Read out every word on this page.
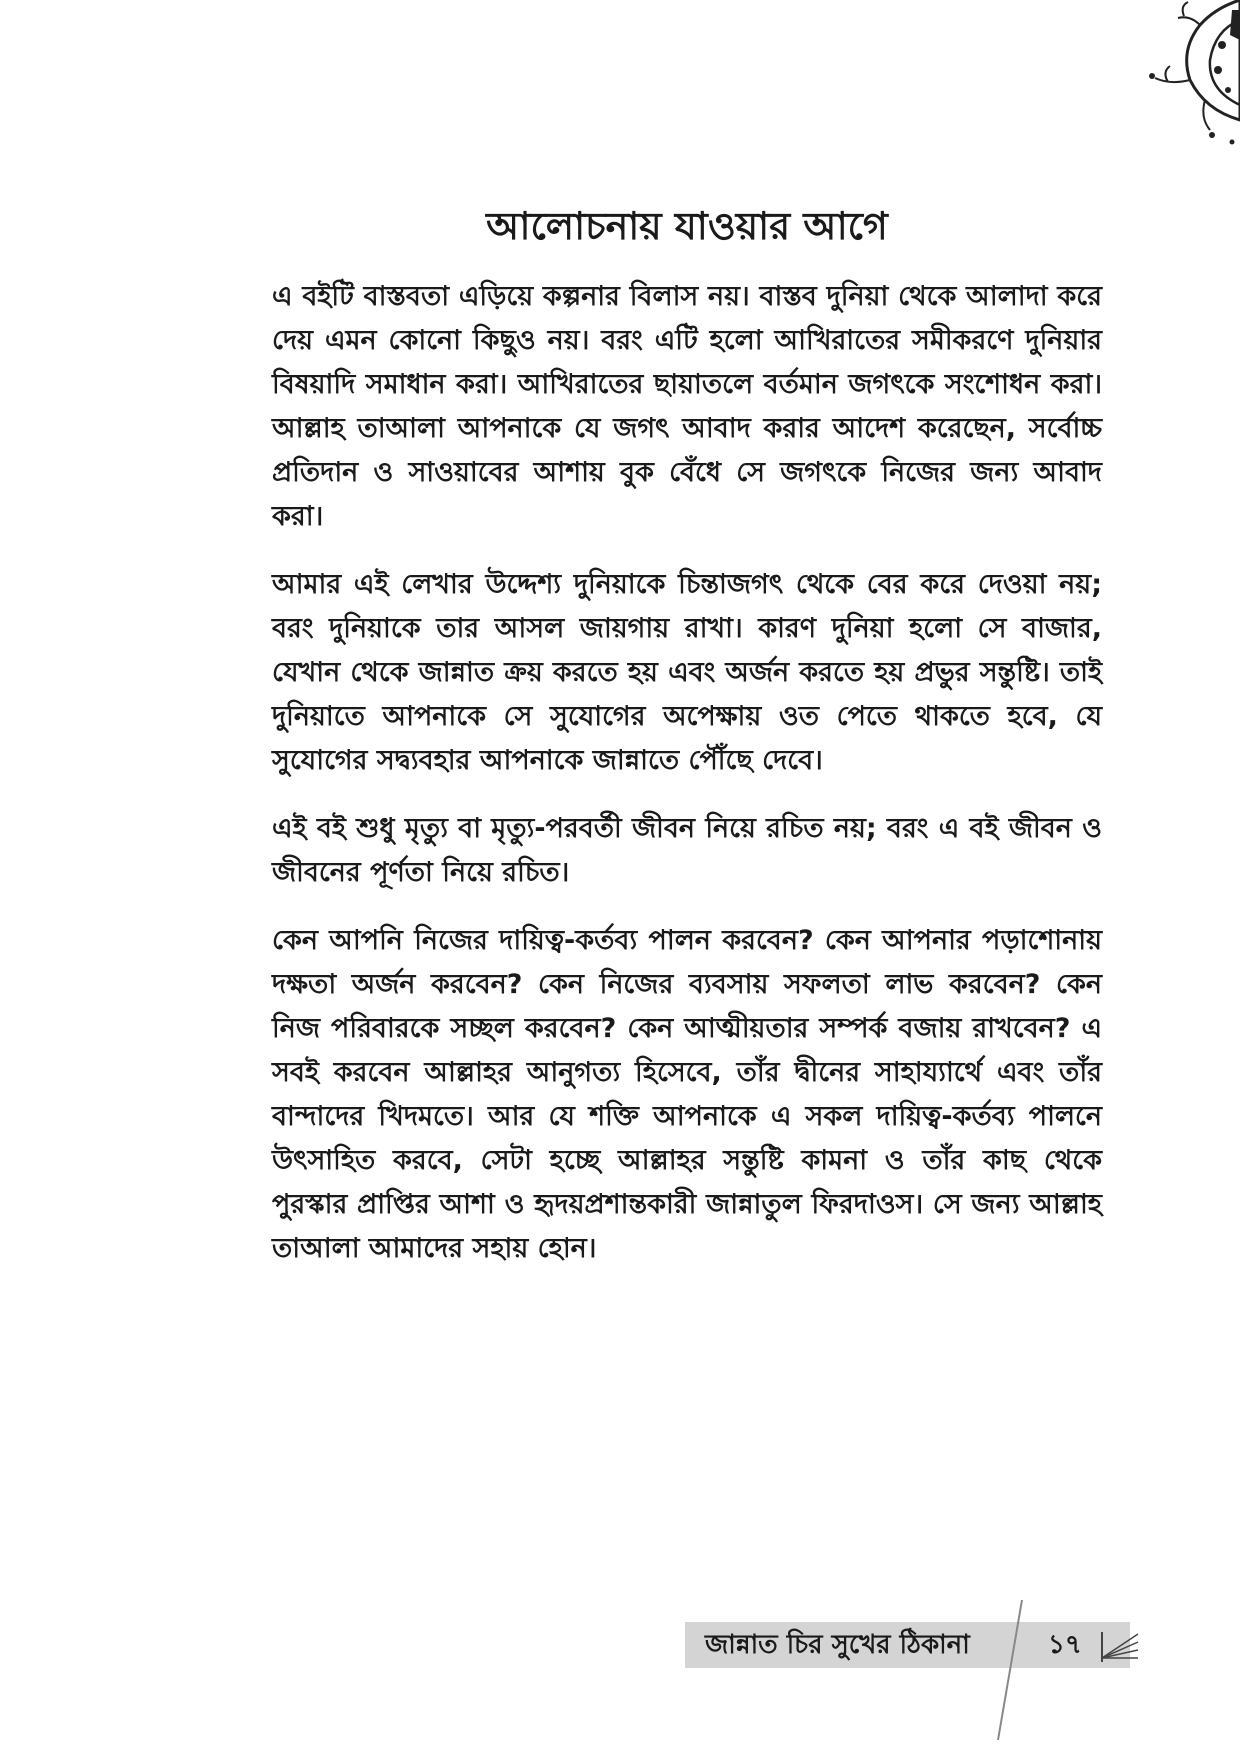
আলোচনায় যাওয়ার আগে

এ বইটি বাস্তবতা এড়িয়ে কল্পনার বিলাস নয়। বাস্তব দুনিয়া থেকে আলাদা করে দেয় এমন কোনো কিছুও নয়। বরং এটি হলো আখিরাতের সমীকরণে দুনিয়ার বিষয়াদি সমাধান করা। আখিরাতের ছায়াতলে বর্তমান জগৎকে সংশোধন করা। আল্লাহ তাআলা আপনাকে যে জগৎ আবাদ করার আদেশ করেছেন, সর্বোচ্চ প্রতিদান ও সাওয়াবের আশায় বুক বেঁধে সে জগৎকে নিজের জন্য আবাদ করা।

আমার এই লেখার উদ্দেশ্য দুনিয়াকে চিন্তাজগৎ থেকে বের করে দেওয়া নয়; বরং দুনিয়াকে তার আসল জায়গায় রাখা। কারণ দুনিয়া হলো সে বাজার, যেখান থেকে জান্নাত ক্রয় করতে হয় এবং অর্জন করতে হয় প্রভুর সন্তুষ্টি। তাই দুনিয়াতে আপনাকে সে সুযোগের অপেক্ষায় ওত পেতে থাকতে হবে, যে সুযোগের সদ্ব্যবহার আপনাকে জান্নাতে পৌঁছে দেবে।

এই বই শুধু মৃত্যু বা মৃত্যু-পরবর্তী জীবন নিয়ে রচিত নয়; বরং এ বই জীবন ও জীবনের পূর্ণতা নিয়ে রচিত।

কেন আপনি নিজের দায়িত্ব-কর্তব্য পালন করবেন? কেন আপনার পড়াশোনায় দক্ষতা অর্জন করবেন? কেন নিজের ব্যবসায় সফলতা লাভ করবেন? কেন নিজ পরিবারকে সচ্ছল করবেন? কেন আত্মীয়তার সম্পর্ক বজায় রাখবেন? এ সবই করবেন আল্লাহর আনুগত্য হিসেবে, তাঁর দ্বীনের সাহায্যার্থে এবং তাঁর বান্দাদের খিদমতে। আর যে শক্তি আপনাকে এ সকল দায়িত্ব-কর্তব্য পালনে উৎসাহিত করবে, সেটা হচ্ছে আল্লাহর সন্তুষ্টি কামনা ও তাঁর কাছ থেকে পুরস্কার প্রাপ্তির আশা ও হৃদয়প্রশান্তকারী জান্নাতুল ফিরদাওস। সে জন্য আল্লাহ তাআলা আমাদের সহায় হোন।

জান্নাত চির সুখের ঠিকানা	১৭
